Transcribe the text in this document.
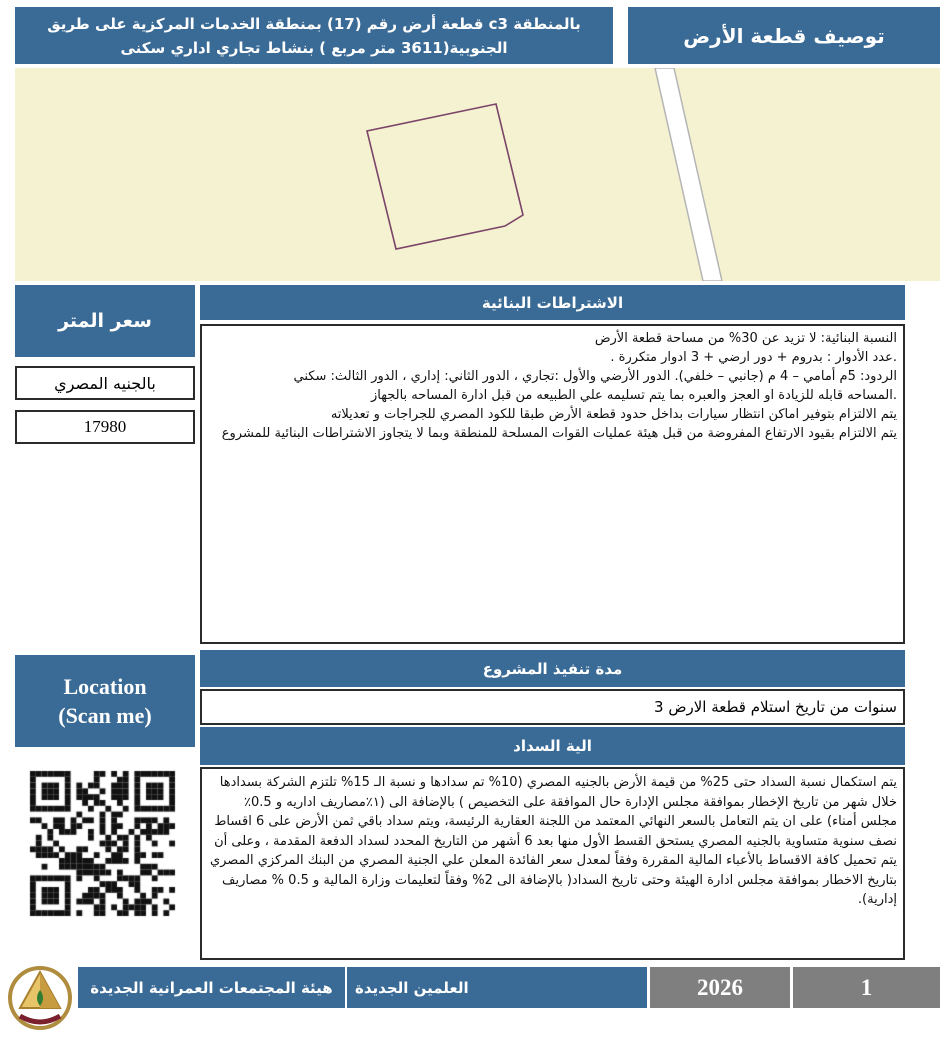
بالمنطقة c3 قطعة أرض رقم (17) بمنطقة الخدمات المركزية على طريق الجنوبية(3611 متر مربع ) بنشاط تجاري اداري سكنى	توصيف قطعة الأرض
سعر المتر
بالجنيه المصري
17980
الاشتراطات البنائية
النسبة البنائية: لا تزيد عن 30% من مساحة قطعة الأرض
.عدد الأدوار : بدروم + دور ارضي + 3 ادوار متكررة .
الردود: 5م أمامي – 4 م (جانبي – خلفي). الدور الأرضي والأول :تجاري ، الدور الثاني: إداري ، الدور الثالث: سكني
.المساحه قابله للزيادة او العجز والعبره بما يتم تسليمه علي الطبيعه من قبل ادارة المساحه بالجهاز
يتم الالتزام بتوفير اماكن انتظار سيارات بداخل حدود قطعة الأرض طبقا للكود المصري للجراجات و تعديلاته
يتم الالتزام بقيود الارتفاع المفروضة من قبل هيئة عمليات القوات المسلحة للمنطقة وبما لا يتجاوز الاشتراطات البنائية للمشروع
مدة تنفيذ المشروع
3 سنوات من تاريخ استلام قطعة الارض
الية السداد
يتم استكمال نسبة السداد حتى 25% من قيمة الأرض بالجنيه المصري (10% تم سدادها و نسبة الـ 15% تلتزم الشركة بسدادها خلال شهر من تاريخ الإخطار بموافقة مجلس الإدارة حال الموافقة على التخصيص ) بالإضافة الى (١٪مصاريف اداريه و 0.5٪ مجلس أمناء) على ان يتم التعامل بالسعر النهائي المعتمد من اللجنة العقارية الرئيسة، ويتم سداد باقي ثمن الأرض على 6 اقساط نصف سنوية متساوية بالجنيه المصري يستحق القسط الأول منها بعد 6 أشهر من التاريخ المحدد لسداد الدفعة المقدمة ، وعلى أن يتم تحميل كافة الاقساط بالأعباء المالية المقررة وفقاً لمعدل سعر الفائدة المعلن علي الجنية المصري من البنك المركزي المصري بتاريخ الاخطار بموافقة مجلس ادارة الهيئة وحتى تاريخ السداد( بالإضافة الى 2% وفقاً لتعليمات وزارة المالية و 0.5 % مصاريف إدارية).
Location
(Scan me)
هيئة المجتمعات العمرانية الجديدة العلمين الجديدة	2026	1
